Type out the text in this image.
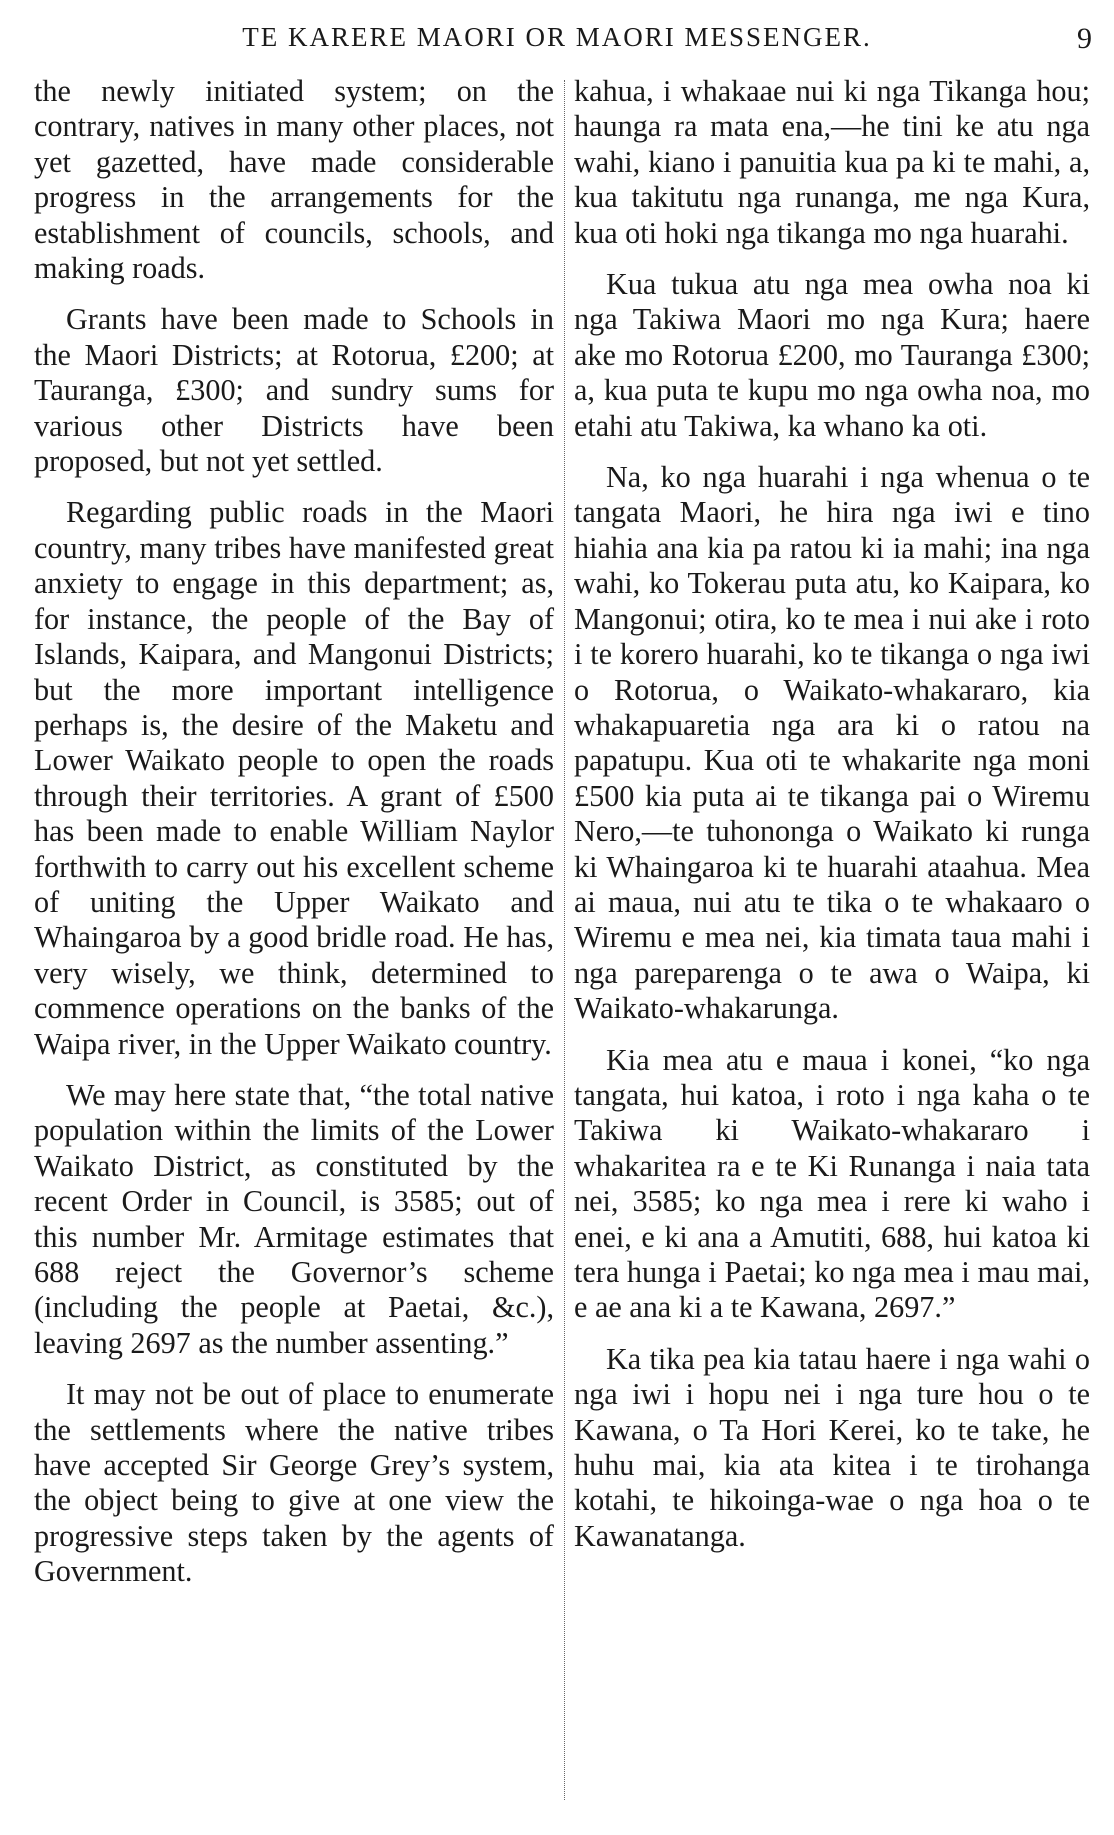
TE KARERE MAORI OR MAORI MESSENGER.	9

the newly initiated system; on the contrary, natives in many other places, not yet gazetted, have made considerable progress in the arrangements for the establishment of councils, schools, and making roads.

Grants have been made to Schools in the Maori Districts; at Rotorua, £200; at Tauranga, £300; and sundry sums for various other Districts have been proposed, but not yet settled.

Regarding public roads in the Maori country, many tribes have manifested great anxiety to engage in this department; as, for instance, the people of the Bay of Islands, Kaipara, and Mangonui Districts; but the more important intelligence perhaps is, the desire of the Maketu and Lower Waikato people to open the roads through their territories. A grant of £500 has been made to enable William Naylor forthwith to carry out his excellent scheme of uniting the Upper Waikato and Whaingaroa by a good bridle road. He has, very wisely, we think, determined to commence operations on the banks of the Waipa river, in the Upper Waikato country.

We may here state that, “the total native population within the limits of the Lower Waikato District, as constituted by the recent Order in Council, is 3585; out of this number Mr. Armitage estimates that 688 reject the Governor’s scheme (including the people at Paetai, &c.), leaving 2697 as the number assenting.”

It may not be out of place to enumerate the settlements where the native tribes have accepted Sir George Grey’s system, the object being to give at one view the progressive steps taken by the agents of Government.

kahua, i whakaae nui ki nga Tikanga hou; haunga ra mata ena,—he tini ke atu nga wahi, kiano i panuitia kua pa ki te mahi, a, kua takitutu nga runanga, me nga Kura, kua oti hoki nga tikanga mo nga huarahi.

Kua tukua atu nga mea owha noa ki nga Takiwa Maori mo nga Kura; haere ake mo Rotorua £200, mo Tauranga £300; a, kua puta te kupu mo nga owha noa, mo etahi atu Takiwa, ka whano ka oti.

Na, ko nga huarahi i nga whenua o te tangata Maori, he hira nga iwi e tino hiahia ana kia pa ratou ki ia mahi; ina nga wahi, ko Tokerau puta atu, ko Kaipara, ko Mangonui; otira, ko te mea i nui ake i roto i te korero huarahi, ko te tikanga o nga iwi o Rotorua, o Waikato-whakararo, kia whakapuaretia nga ara ki o ratou na papatupu. Kua oti te whakarite nga moni £500 kia puta ai te tikanga pai o Wiremu Nero,—te tuhononga o Waikato ki runga ki Whaingaroa ki te huarahi ataahua. Mea ai maua, nui atu te tika o te whakaaro o Wiremu e mea nei, kia timata taua mahi i nga pareparenga o te awa o Waipa, ki Waikato-whakarunga.

Kia mea atu e maua i konei, “ko nga tangata, hui katoa, i roto i nga kaha o te Takiwa ki Waikato-whakararo i whakaritea ra e te Ki Runanga i naia tata nei, 3585; ko nga mea i rere ki waho i enei, e ki ana a Amutiti, 688, hui katoa ki tera hunga i Paetai; ko nga mea i mau mai, e ae ana ki a te Kawana, 2697.”

Ka tika pea kia tatau haere i nga wahi o nga iwi i hopu nei i nga ture hou o te Kawana, o Ta Hori Kerei, ko te take, he huhu mai, kia ata kitea i te tirohanga kotahi, te hikoinga-wae o nga hoa o te Kawanatanga.
